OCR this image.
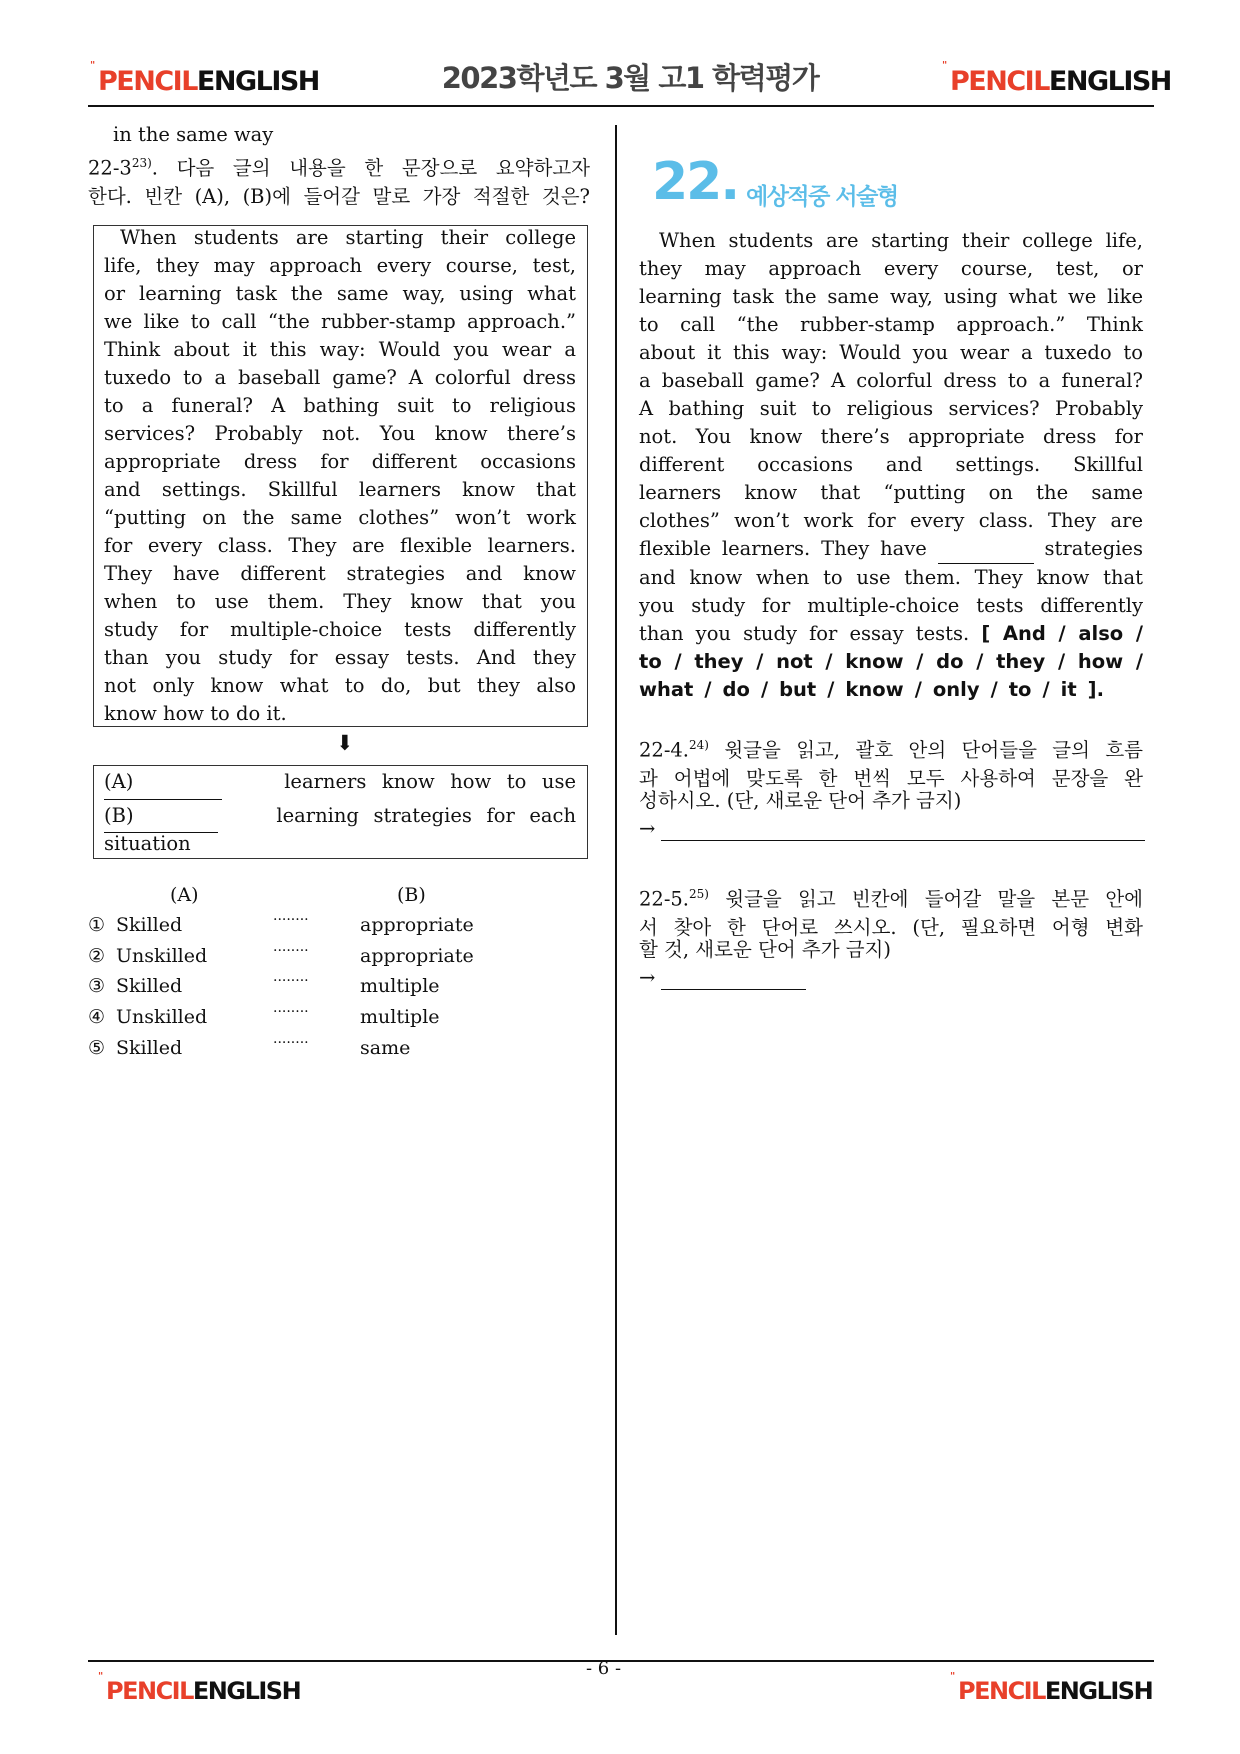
"
PENCILENGLISH	2023학년도 3월 고1 학력평가	"
PENCILENGLISH
in the same way
22-3$^{23)}$. 다음 글의 내용을 한 문장으로 요약하고자
한다. 빈칸 (A), (B)에 들어갈 말로 가장 적절한 것은?
When students are starting their college
life, they may approach every course, test,
or learning task the same way, using what
we like to call “the rubber-stamp approach.”
Think about it this way: Would you wear a
tuxedo to a baseball game? A colorful dress
to a funeral? A bathing suit to religious
services? Probably not. You know there’s
appropriate dress for different occasions
and settings. Skillful learners know that
“putting on the same clothes” won’t work
for every class. They are flexible learners.
They have different strategies and know
when to use them. They know that you
study for multiple-choice tests differently
than you study for essay tests. And they
not only know what to do, but they also
know how to do it.
⬇
(A)	learners know how to use
(B)	learning strategies for each
situation
(A)	(B)
① Skilled	........	appropriate
② Unskilled	........	appropriate
③ Skilled	........	multiple
④ Unskilled	........	multiple
⑤ Skilled	........	same
22. 예상적중 서술형
When students are starting their college life,
they may approach every course, test, or
learning task the same way, using what we like
to call “the rubber-stamp approach.” Think
about it this way: Would you wear a tuxedo to
a baseball game? A colorful dress to a funeral?
A bathing suit to religious services? Probably
not. You know there’s appropriate dress for
different occasions and settings. Skillful
learners know that “putting on the same
clothes” won’t work for every class. They are
flexible learners. They have	strategies
and know when to use them. They know that
you study for multiple-choice tests differently
than you study for essay tests. [ And / also /
to / they / not / know / do / they / how /
what / do / but / know / only / to / it ].
22-4.$^{24)}$ 윗글을 읽고, 괄호 안의 단어들을 글의 흐름
과 어법에 맞도록 한 번씩 모두 사용하여 문장을 완
성하시오. (단, 새로운 단어 추가 금지)
→
22-5.$^{25)}$ 윗글을 읽고 빈칸에 들어갈 말을 본문 안에
서 찾아 한 단어로 쓰시오. (단, 필요하면 어형 변화
할 것, 새로운 단어 추가 금지)
→
- 6 -
"
PENCILENGLISH
"
PENCILENGLISH
